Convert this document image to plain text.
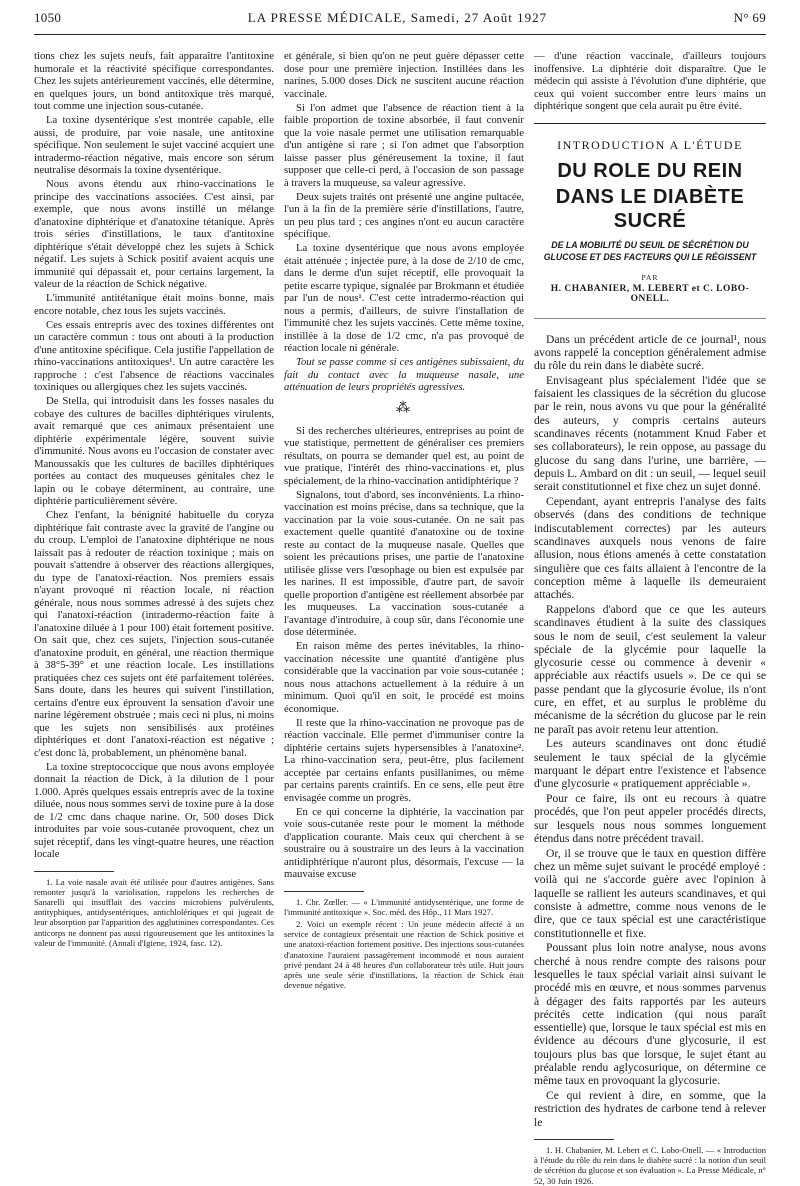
1050	LA PRESSE MÉDICALE, Samedi, 27 Août 1927	N° 69

tions chez les sujets neufs, fait apparaître l'antitoxine humorale et la réactivité spécifique correspondantes. Chez les sujets antérieurement vaccinés, elle détermine, en quelques jours, un bond antitoxique très marqué, tout comme une injection sous-cutanée.

La toxine dysentérique s'est montrée capable, elle aussi, de produire, par voie nasale, une antitoxine spécifique. Non seulement le sujet vacciné acquiert une intradermo-réaction négative, mais encore son sérum neutralise désormais la toxine dysentérique.

Nous avons étendu aux rhino-vaccinations le principe des vaccinations associées. C'est ainsi, par exemple, que nous avons instillé un mélange d'anatoxine diphtérique et d'anatoxine tétanique. Après trois séries d'instillations, le taux d'antitoxine diphtérique s'était développé chez les sujets à Schick négatif. Les sujets à Schick positif avaient acquis une immunité qui dépassait et, pour certains largement, la valeur de la réaction de Schick négative.

L'immunité antitétanique était moins bonne, mais encore notable, chez tous les sujets vaccinés.

Ces essais entrepris avec des toxines différentes ont un caractère commun : tous ont abouti à la production d'une antitoxine spécifique. Cela justifie l'appellation de rhino-vaccinations antitoxiques¹. Un autre caractère les rapproche : c'est l'absence de réactions vaccinales toxiniques ou allergiques chez les sujets vaccinés.

De Stella, qui introduisit dans les fosses nasales du cobaye des cultures de bacilles diphtériques virulents, avait remarqué que ces animaux présentaient une diphtérie expérimentale légère, souvent suivie d'immunité. Nous avons eu l'occasion de constater avec Manoussakis que les cultures de bacilles diphtériques portées au contact des muqueuses génitales chez le lapin ou le cobaye déterminent, au contraire, une diphtérie particulièrement sévère.

Chez l'enfant, la bénignité habituelle du coryza diphtérique fait contraste avec la gravité de l'angine ou du croup. L'emploi de l'anatoxine diphtérique ne nous laissait pas à redouter de réaction toxinique ; mais on pouvait s'attendre à observer des réactions allergiques, du type de l'anatoxi-réaction. Nos premiers essais n'ayant provoqué ni réaction locale, ni réaction générale, nous nous sommes adressé à des sujets chez qui l'anatoxi-réaction (intradermo-réaction faite à l'anatoxine diluée à 1 pour 100) était fortement positive. On sait que, chez ces sujets, l'injection sous-cutanée d'anatoxine produit, en général, une réaction thermique à 38°5-39° et une réaction locale. Les instillations pratiquées chez ces sujets ont été parfaitement tolérées. Sans doute, dans les heures qui suivent l'instillation, certains d'entre eux éprouvent la sensation d'avoir une narine légèrement obstruée ; mais ceci ni plus, ni moins que les sujets non sensibilisés aux protéines diphtériques et dont l'anatoxi-réaction est négative ; c'est donc là, probablement, un phénomène banal.

La toxine streptococcique que nous avons employée donnait la réaction de Dick, à la dilution de 1 pour 1.000. Après quelques essais entrepris avec de la toxine diluée, nous nous sommes servi de toxine pure à la dose de 1/2 cmc dans chaque narine. Or, 500 doses Dick introduites par voie sous-cutanée provoquent, chez un sujet réceptif, dans les vingt-quatre heures, une réaction locale

1. La voie nasale avait été utilisée pour d'autres antigènes. Sans remonter jusqu'à la variolisation, rappelons les recherches de Sanarelli qui insufflait des vaccins microbiens pulvérulents, antityphiques, antidysentériques, antichlolériques et qui jugeait de leur absorption par l'apparition des agglutinines correspondantes. Ces anticorps ne donnent pas aussi rigoureusement que les antitoxines la valeur de l'immunité. (Annali d'Igiene, 1924, fasc. 12).

et générale, si bien qu'on ne peut guère dépasser cette dose pour une première injection. Instillées dans les narines, 5.000 doses Dick ne suscitent aucune réaction vaccinale.

Si l'on admet que l'absence de réaction tient à la faible proportion de toxine absorbée, il faut convenir que la voie nasale permet une utilisation remarquable d'un antigène si rare ; si l'on admet que l'absorption laisse passer plus généreusement la toxine, il faut supposer que celle-ci perd, à l'occasion de son passage à travers la muqueuse, sa valeur agressive.

Deux sujets traités ont présenté une angine pultacée, l'un à la fin de la première série d'instillations, l'autre, un peu plus tard ; ces angines n'ont eu aucun caractère spécifique.

La toxine dysentérique que nous avons employée était atténuée ; injectée pure, à la dose de 2/10 de cmc, dans le derme d'un sujet réceptif, elle provoquait la petite escarre typique, signalée par Brokmann et étudiée par l'un de nous¹. C'est cette intradermo-réaction qui nous a permis, d'ailleurs, de suivre l'installation de l'immunité chez les sujets vaccinés. Cette même toxine, instillée à la dose de 1/2 cmc, n'a pas provoqué de réaction locale ni générale.

Tout se passe comme si ces antigènes subissaient, du fait du contact avec la muqueuse nasale, une atténuation de leurs propriétés agressives.

⁂

Si des recherches ultérieures, entreprises au point de vue statistique, permettent de généraliser ces premiers résultats, on pourra se demander quel est, au point de vue pratique, l'intérêt des rhino-vaccinations et, plus spécialement, de la rhino-vaccination antidiphtérique ?

Signalons, tout d'abord, ses inconvénients. La rhino-vaccination est moins précise, dans sa technique, que la vaccination par la voie sous-cutanée. On ne sait pas exactement quelle quantité d'anatoxine ou de toxine reste au contact de la muqueuse nasale. Quelles que soient les précautions prises, une partie de l'anatoxine utilisée glisse vers l'œsophage ou bien est expulsée par les narines. Il est impossible, d'autre part, de savoir quelle proportion d'antigène est réellement absorbée par les muqueuses. La vaccination sous-cutanée a l'avantage d'introduire, à coup sûr, dans l'économie une dose déterminée.

En raison même des pertes inévitables, la rhino-vaccination nécessite une quantité d'antigène plus considérable que la vaccination par voie sous-cutanée ; nous nous attachons actuellement à la réduire à un minimum. Quoi qu'il en soit, le procédé est moins économique.

Il reste que la rhino-vaccination ne provoque pas de réaction vaccinale. Elle permet d'immuniser contre la diphtérie certains sujets hypersensibles à l'anatoxine². La rhino-vaccination sera, peut-être, plus facilement acceptée par certains enfants pusillanimes, ou même par certains parents craintifs. En ce sens, elle peut être envisagée comme un progrès.

En ce qui concerne la diphtérie, la vaccination par voie sous-cutanée reste pour le moment la méthode d'application courante. Mais ceux qui cherchent à se soustraire ou à soustraire un des leurs à la vaccination antidiphtérique n'auront plus, désormais, l'excuse — la mauvaise excuse

1. Chr. Zœller. — « L'immunité antidysentérique, une forme de l'immunité antitoxique ». Soc. méd. des Hôp., 11 Mars 1927.

2. Voici un exemple récent : Un jeune médecin affecté à un service de contagieux présentait une réaction de Schick positive et une anatoxi-réaction fortement positive. Des injections sous-cutanées d'anatoxine l'auraient passagèrement incommodé et nous auraient privé pendant 24 à 48 heures d'un collaborateur très utile. Huit jours après une seule série d'instillations, la réaction de Schick était devenue négative.

— d'une réaction vaccinale, d'ailleurs toujours inoffensive. La diphtérie doit disparaître. Que le médecin qui assiste à l'évolution d'une diphtérie, que ceux qui voient succomber entre leurs mains un diphtérique songent que cela aurait pu être évité.

INTRODUCTION A L'ÉTUDE
DU ROLE DU REIN
DANS LE DIABÈTE SUCRÉ
DE LA MOBILITÉ DU SEUIL DE SÉCRÉTION DU GLUCOSE ET DES FACTEURS QUI LE RÉGISSENT
PAR
H. CHABANIER, M. LEBERT et C. LOBO-ONELL.

Dans un précédent article de ce journal¹, nous avons rappelé la conception généralement admise du rôle du rein dans le diabète sucré.

Envisageant plus spécialement l'idée que se faisaient les classiques de la sécrétion du glucose par le rein, nous avons vu que pour la généralité des auteurs, y compris certains auteurs scandinaves récents (notamment Knud Faber et ses collaborateurs), le rein oppose, au passage du glucose du sang dans l'urine, une barrière, — depuis L. Ambard on dit : un seuil, — lequel seuil serait constitutionnel et fixe chez un sujet donné.

Cependant, ayant entrepris l'analyse des faits observés (dans des conditions de technique indiscutablement correctes) par les auteurs scandinaves auxquels nous venons de faire allusion, nous étions amenés à cette constatation singulière que ces faits allaient à l'encontre de la conception même à laquelle ils demeuraient attachés.

Rappelons d'abord que ce que les auteurs scandinaves étudient à la suite des classiques sous le nom de seuil, c'est seulement la valeur spéciale de la glycémie pour laquelle la glycosurie cesse ou commence à devenir « appréciable aux réactifs usuels ». De ce qui se passe pendant que la glycosurie évolue, ils n'ont cure, en effet, et au surplus le problème du mécanisme de la sécrétion du glucose par le rein ne paraît pas avoir retenu leur attention.

Les auteurs scandinaves ont donc étudié seulement le taux spécial de la glycémie marquant le départ entre l'existence et l'absence d'une glycosurie « pratiquement appréciable ».

Pour ce faire, ils ont eu recours à quatre procédés, que l'on peut appeler procédés directs, sur lesquels nous nous sommes longuement étendus dans notre précédent travail.

Or, il se trouve que le taux en question diffère chez un même sujet suivant le procédé employé : voilà qui ne s'accorde guère avec l'opinion à laquelle se rallient les auteurs scandinaves, et qui consiste à admettre, comme nous venons de le dire, que ce taux spécial est une caractéristique constitutionnelle et fixe.

Poussant plus loin notre analyse, nous avons cherché à nous rendre compte des raisons pour lesquelles le taux spécial variait ainsi suivant le procédé mis en œuvre, et nous sommes parvenus à dégager des faits rapportés par les auteurs précités cette indication (qui nous paraît essentielle) que, lorsque le taux spécial est mis en évidence au décours d'une glycosurie, il est toujours plus bas que lorsque, le sujet étant au préalable rendu aglycosurique, on détermine ce même taux en provoquant la glycosurie.

Ce qui revient à dire, en somme, que la restriction des hydrates de carbone tend à relever le

1. H. Chabanier, M. Lebert et C. Lobo-Onell. — « Introduction à l'étude du rôle du rein dans le diabète sucré : la notion d'un seuil de sécrétion du glucose et son évaluation ». La Presse Médicale, n° 52, 30 Juin 1926.
